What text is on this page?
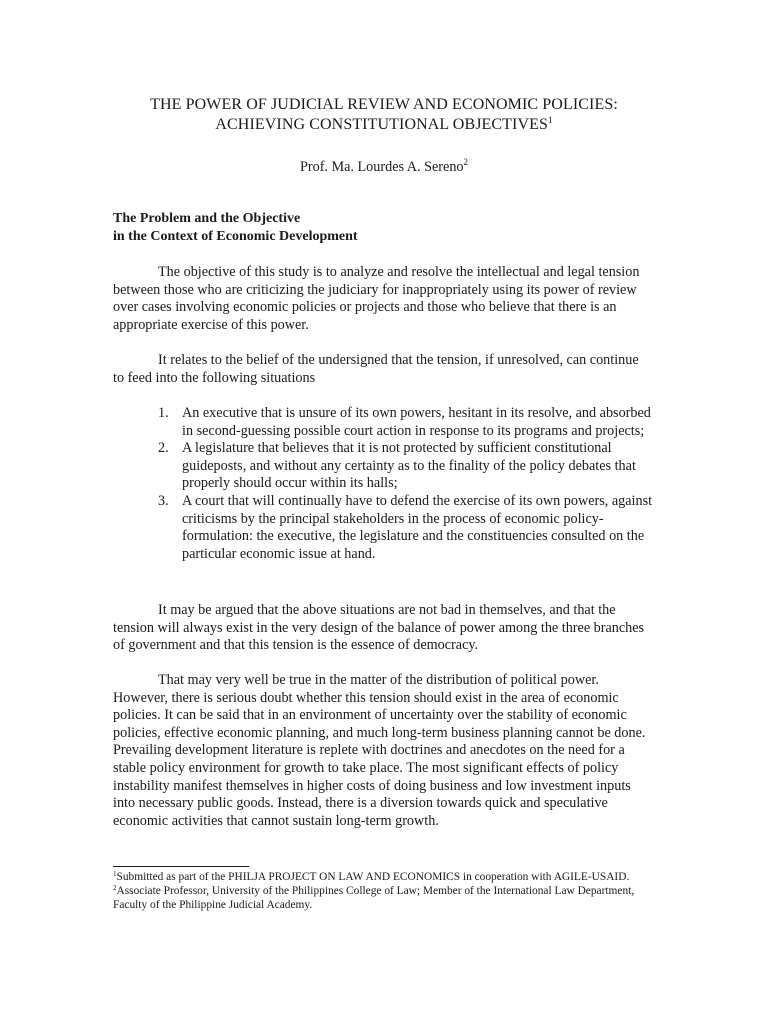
THE POWER OF JUDICIAL REVIEW AND ECONOMIC POLICIES:
ACHIEVING CONSTITUTIONAL OBJECTIVES$^1$
Prof. Ma. Lourdes A. Sereno$^2$
The Problem and the Objective
in the Context of Economic Development

The objective of this study is to analyze and resolve the intellectual and legal tension between those who are criticizing the judiciary for inappropriately using its power of review over cases involving economic policies or projects and those who believe that there is an appropriate exercise of this power.

It relates to the belief of the undersigned that the tension, if unresolved, can continue to feed into the following situations

1. An executive that is unsure of its own powers, hesitant in its resolve, and absorbed in second-guessing possible court action in response to its programs and projects;
2. A legislature that believes that it is not protected by sufficient constitutional guideposts, and without any certainty as to the finality of the policy debates that properly should occur within its halls;
3. A court that will continually have to defend the exercise of its own powers, against criticisms by the principal stakeholders in the process of economic policy-formulation: the executive, the legislature and the constituencies consulted on the particular economic issue at hand.

It may be argued that the above situations are not bad in themselves, and that the tension will always exist in the very design of the balance of power among the three branches of government and that this tension is the essence of democracy.

That may very well be true in the matter of the distribution of political power. However, there is serious doubt whether this tension should exist in the area of economic policies. It can be said that in an environment of uncertainty over the stability of economic policies, effective economic planning, and much long-term business planning cannot be done. Prevailing development literature is replete with doctrines and anecdotes on the need for a stable policy environment for growth to take place. The most significant effects of policy instability manifest themselves in higher costs of doing business and low investment inputs into necessary public goods. Instead, there is a diversion towards quick and speculative economic activities that cannot sustain long-term growth.

$^1$Submitted as part of the PHILJA PROJECT ON LAW AND ECONOMICS in cooperation with AGILE-USAID.
$^2$Associate Professor, University of the Philippines College of Law; Member of the International Law Department, Faculty of the Philippine Judicial Academy.
